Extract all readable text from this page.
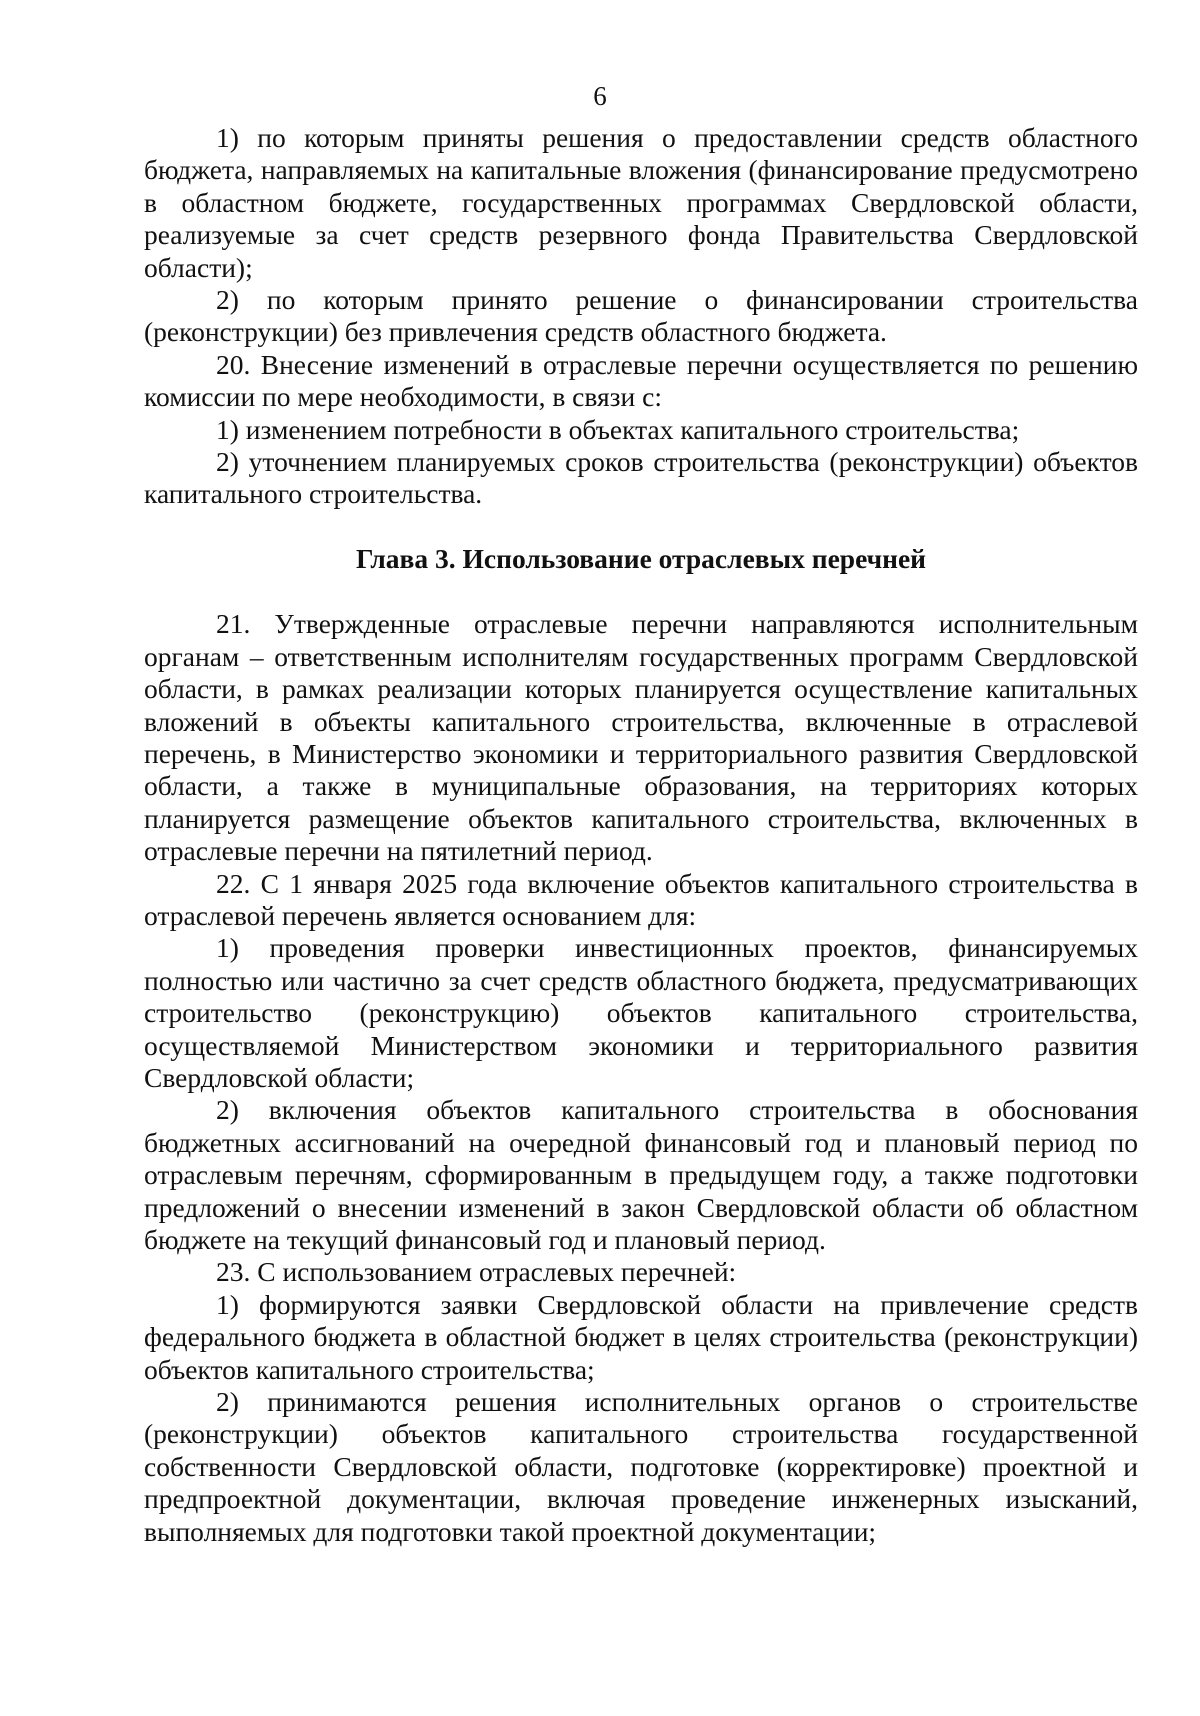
6

1) по которым приняты решения о предоставлении средств областного бюджета, направляемых на капитальные вложения (финансирование предусмотрено в областном бюджете, государственных программах Свердловской области, реализуемые за счет средств резервного фонда Правительства Свердловской области);

2) по которым принято решение о финансировании строительства (реконструкции) без привлечения средств областного бюджета.

20. Внесение изменений в отраслевые перечни осуществляется по решению комиссии по мере необходимости, в связи с:

1) изменением потребности в объектах капитального строительства;

2) уточнением планируемых сроков строительства (реконструкции) объектов капитального строительства.

Глава 3. Использование отраслевых перечней

21. Утвержденные отраслевые перечни направляются исполнительным органам – ответственным исполнителям государственных программ Свердловской области, в рамках реализации которых планируется осуществление капитальных вложений в объекты капитального строительства, включенные в отраслевой перечень, в Министерство экономики и территориального развития Свердловской области, а также в муниципальные образования, на территориях которых планируется размещение объектов капитального строительства, включенных в отраслевые перечни на пятилетний период.

22. С 1 января 2025 года включение объектов капитального строительства в отраслевой перечень является основанием для:

1) проведения проверки инвестиционных проектов, финансируемых полностью или частично за счет средств областного бюджета, предусматривающих строительство (реконструкцию) объектов капитального строительства, осуществляемой Министерством экономики и территориального развития Свердловской области;

2) включения объектов капитального строительства в обоснования бюджетных ассигнований на очередной финансовый год и плановый период по отраслевым перечням, сформированным в предыдущем году, а также подготовки предложений о внесении изменений в закон Свердловской области об областном бюджете на текущий финансовый год и плановый период.

23. С использованием отраслевых перечней:

1) формируются заявки Свердловской области на привлечение средств федерального бюджета в областной бюджет в целях строительства (реконструкции) объектов капитального строительства;

2) принимаются решения исполнительных органов о строительстве (реконструкции) объектов капитального строительства государственной собственности Свердловской области, подготовке (корректировке) проектной и предпроектной документации, включая проведение инженерных изысканий, выполняемых для подготовки такой проектной документации;
